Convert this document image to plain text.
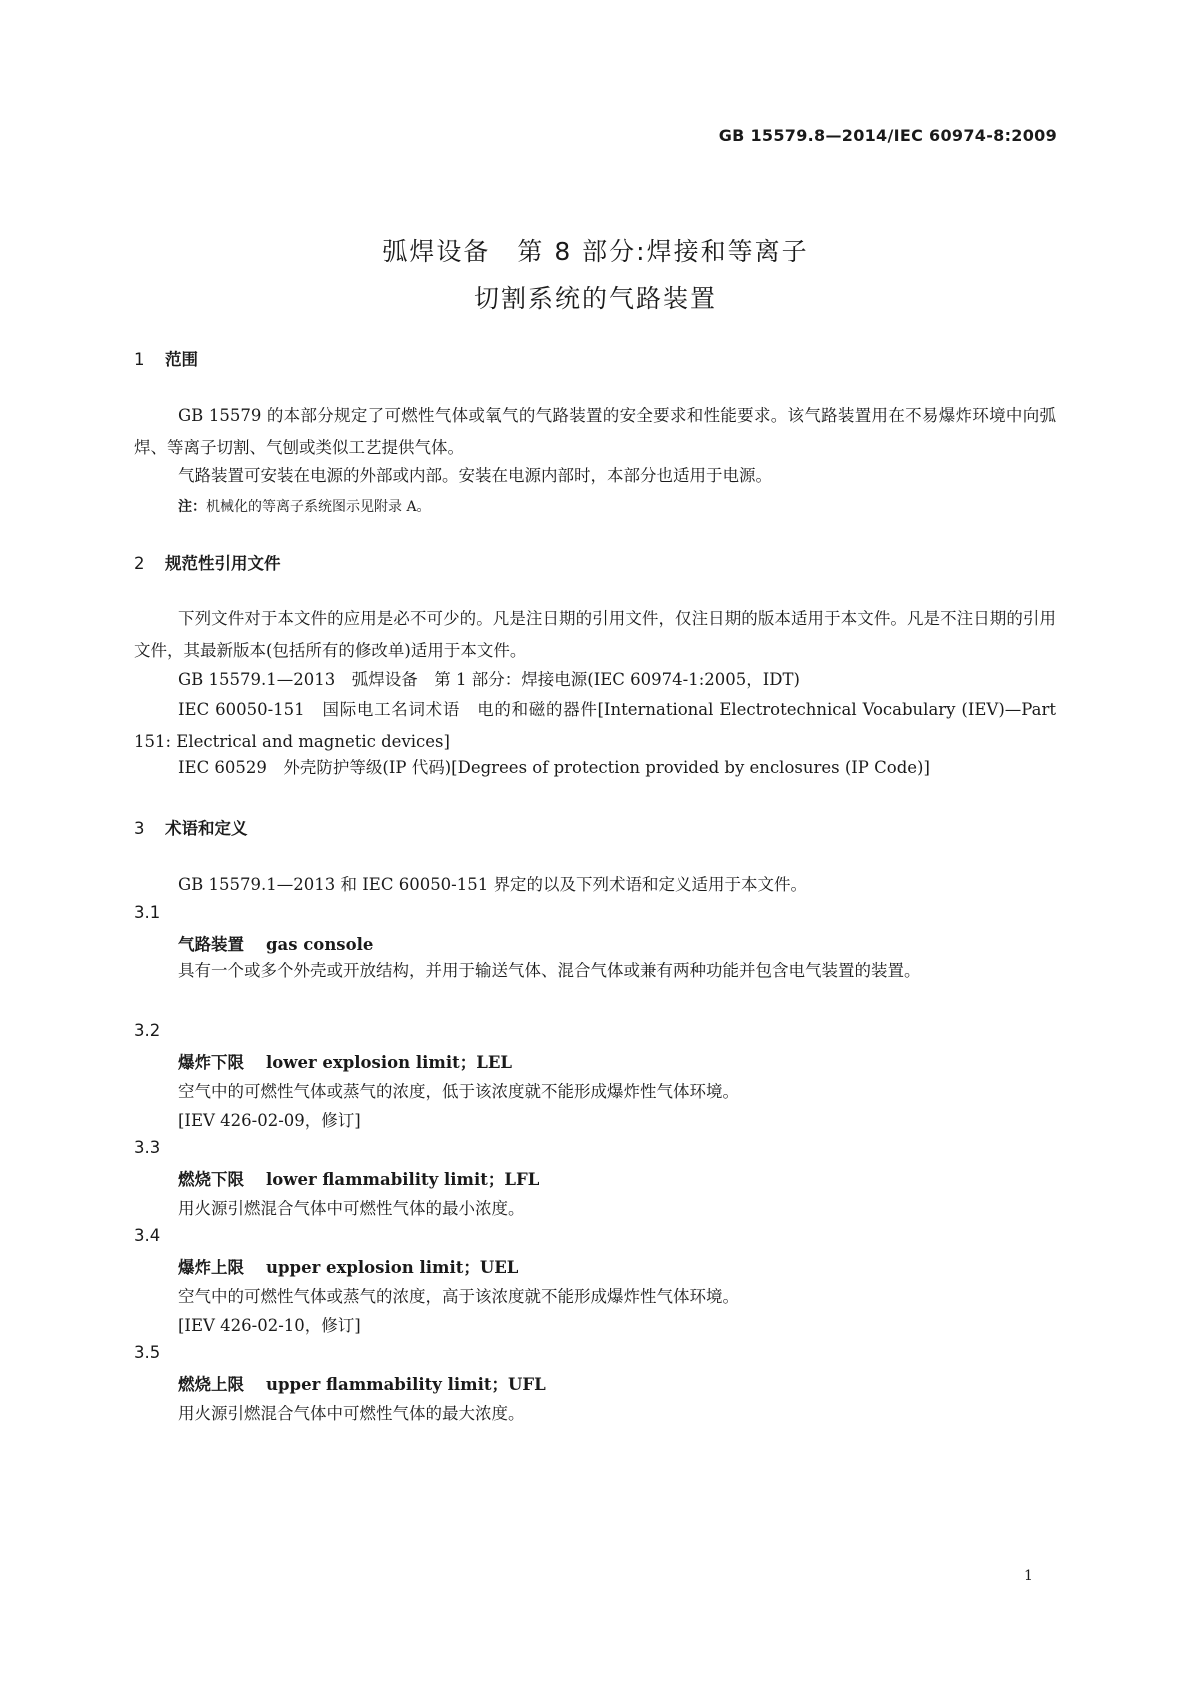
GB 15579.8—2014/IEC 60974-8:2009
弧焊设备　第 8 部分:焊接和等离子
切割系统的气路装置
1 范围
GB 15579 的本部分规定了可燃性气体或氧气的气路装置的安全要求和性能要求。该气路装置用在不易爆炸环境中向弧焊、等离子切割、气刨或类似工艺提供气体。
气路装置可安装在电源的外部或内部。安装在电源内部时，本部分也适用于电源。
注：机械化的等离子系统图示见附录 A。
2 规范性引用文件
下列文件对于本文件的应用是必不可少的。凡是注日期的引用文件，仅注日期的版本适用于本文件。凡是不注日期的引用文件，其最新版本(包括所有的修改单)适用于本文件。
GB 15579.1—2013　弧焊设备　第 1 部分：焊接电源(IEC 60974-1:2005，IDT)
IEC 60050-151　国际电工名词术语　电的和磁的器件[International Electrotechnical Vocabulary (IEV)—Part 151: Electrical and magnetic devices]
IEC 60529　外壳防护等级(IP 代码)[Degrees of protection provided by enclosures (IP Code)]
3 术语和定义
GB 15579.1—2013 和 IEC 60050-151 界定的以及下列术语和定义适用于本文件。
3.1
气路装置 gas console
具有一个或多个外壳或开放结构，并用于输送气体、混合气体或兼有两种功能并包含电气装置的装置。
3.2
爆炸下限 lower explosion limit；LEL
空气中的可燃性气体或蒸气的浓度，低于该浓度就不能形成爆炸性气体环境。
[IEV 426-02-09，修订]
3.3
燃烧下限 lower flammability limit；LFL
用火源引燃混合气体中可燃性气体的最小浓度。
3.4
爆炸上限 upper explosion limit；UEL
空气中的可燃性气体或蒸气的浓度，高于该浓度就不能形成爆炸性气体环境。
[IEV 426-02-10，修订]
3.5
燃烧上限 upper flammability limit；UFL
用火源引燃混合气体中可燃性气体的最大浓度。
1
